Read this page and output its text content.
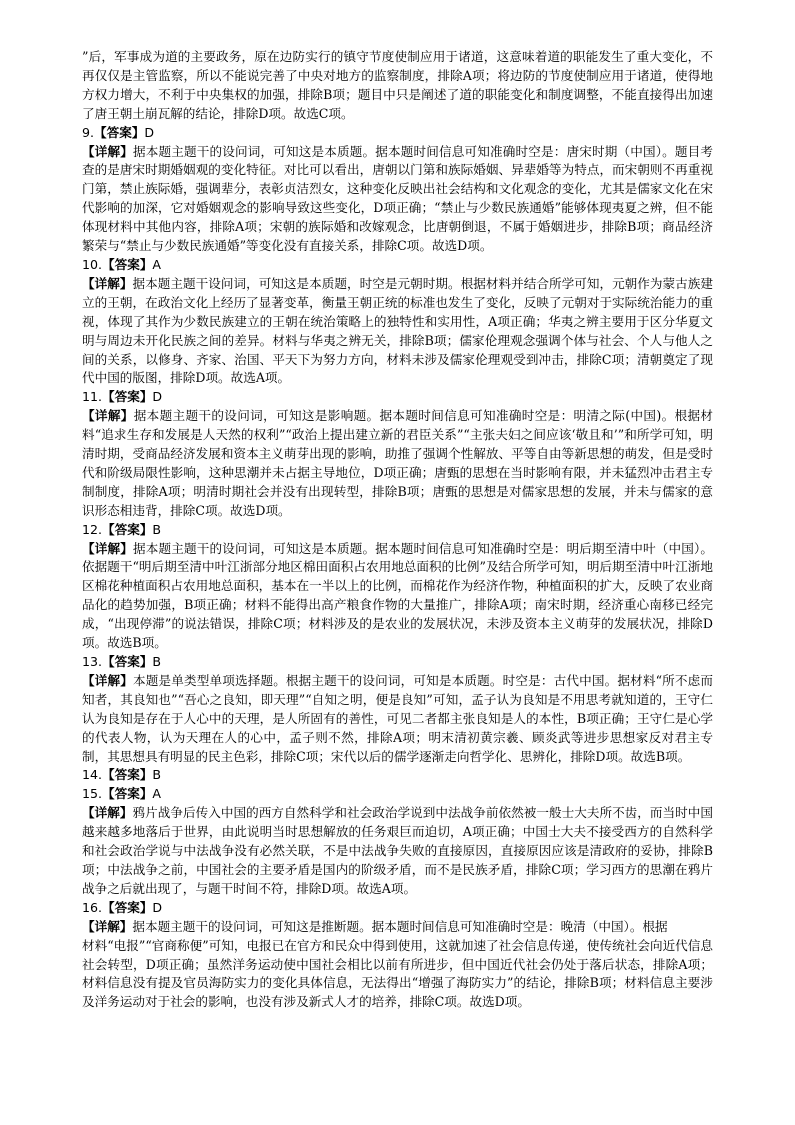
”后，军事成为道的主要政务，原在边防实行的镇守节度使制应用于诸道，这意味着道的职能发生了重大变化，不再仅仅是主管监察，所以不能说完善了中央对地方的监察制度，排除A项；将边防的节度使制应用于诸道，使得地方权力增大，不利于中央集权的加强，排除B项；题目中只是阐述了道的职能变化和制度调整，不能直接得出加速了唐王朝土崩瓦解的结论，排除D项。故选C项。

9.【答案】D

【详解】据本题主题干的设问词，可知这是本质题。据本题时间信息可知准确时空是：唐宋时期（中国）。题目考查的是唐宋时期婚姻观的变化特征。对比可以看出，唐朝以门第和族际婚姻、异辈婚等为特点，而宋朝则不再重视门第，禁止族际婚，强调辈分，表彰贞洁烈女，这种变化反映出社会结构和文化观念的变化，尤其是儒家文化在宋代影响的加深，它对婚姻观念的影响导致这些变化，D项正确；“禁止与少数民族通婚”能够体现夷夏之辨，但不能体现材料中其他内容，排除A项；宋朝的族际婚和改嫁观念，比唐朝倒退，不属于婚姻进步，排除B项；商品经济繁荣与“禁止与少数民族通婚”等变化没有直接关系，排除C项。故选D项。

10.【答案】A

【详解】据本题主题干设问词，可知这是本质题，时空是元朝时期。根据材料并结合所学可知，元朝作为蒙古族建立的王朝，在政治文化上经历了显著变革，衡量王朝正统的标准也发生了变化，反映了元朝对于实际统治能力的重视，体现了其作为少数民族建立的王朝在统治策略上的独特性和实用性，A项正确；华夷之辨主要用于区分华夏文明与周边未开化民族之间的差异。材料与华夷之辨无关，排除B项；儒家伦理观念强调个体与社会、个人与他人之间的关系，以修身、齐家、治国、平天下为努力方向，材料未涉及儒家伦理观受到冲击，排除C项；清朝奠定了现代中国的版图，排除D项。故选A项。

11.【答案】D

【详解】据本题主题干的设问词，可知这是影响题。据本题时间信息可知准确时空是：明清之际(中国)。根据材料“追求生存和发展是人天然的权利”“政治上提出建立新的君臣关系”“主张夫妇之间应该‘敬且和’”和所学可知，明清时期，受商品经济发展和资本主义萌芽出现的影响，助推了强调个性解放、平等自由等新思想的萌发，但是受时代和阶级局限性影响，这种思潮并未占据主导地位，D项正确；唐甄的思想在当时影响有限，并未猛烈冲击君主专制制度，排除A项；明清时期社会并没有出现转型，排除B项；唐甄的思想是对儒家思想的发展，并未与儒家的意识形态相违背，排除C项。故选D项。

12.【答案】B

【详解】据本题主题干的设问词，可知这是本质题。据本题时间信息可知准确时空是：明后期至清中叶（中国）。依据题干“明后期至清中叶江浙部分地区棉田面积占农用地总面积的比例”及结合所学可知，明后期至清中叶江浙地区棉花种植面积占农用地总面积，基本在一半以上的比例，而棉花作为经济作物，种植面积的扩大，反映了农业商品化的趋势加强，B项正确；材料不能得出高产粮食作物的大量推广，排除A项；南宋时期，经济重心南移已经完成，“出现停滞”的说法错误，排除C项；材料涉及的是农业的发展状况，未涉及资本主义萌芽的发展状况，排除D项。故选B项。

13.【答案】B

【详解】本题是单类型单项选择题。根据主题干的设问词，可知是本质题。时空是：古代中国。据材料“所不虑而知者，其良知也”“吾心之良知，即天理”“自知之明，便是良知”可知，孟子认为良知是不用思考就知道的，王守仁认为良知是存在于人心中的天理，是人所固有的善性，可见二者都主张良知是人的本性，B项正确；王守仁是心学的代表人物，认为天理在人的心中，孟子则不然，排除A项；明末清初黄宗羲、顾炎武等进步思想家反对君主专制，其思想具有明显的民主色彩，排除C项；宋代以后的儒学逐渐走向哲学化、思辨化，排除D项。故选B项。

14.【答案】B

15.【答案】A

【详解】鸦片战争后传入中国的西方自然科学和社会政治学说到中法战争前依然被一般士大夫所不齿，而当时中国越来越多地落后于世界，由此说明当时思想解放的任务艰巨而迫切，A项正确；中国士大夫不接受西方的自然科学和社会政治学说与中法战争没有必然关联，不是中法战争失败的直接原因，直接原因应该是清政府的妥协，排除B项；中法战争之前，中国社会的主要矛盾是国内的阶级矛盾，而不是民族矛盾，排除C项；学习西方的思潮在鸦片战争之后就出现了，与题干时间不符，排除D项。故选A项。

16.【答案】D

【详解】据本题主题干的设问词，可知这是推断题。据本题时间信息可知准确时空是：晚清（中国）。根据

材料“电报”“官商称便”可知，电报已在官方和民众中得到使用，这就加速了社会信息传递，使传统社会向近代信息社会转型，D项正确；虽然洋务运动使中国社会相比以前有所进步，但中国近代社会仍处于落后状态，排除A项；材料信息没有提及官员海防实力的变化具体信息，无法得出“增强了海防实力”的结论，排除B项；材料信息主要涉及洋务运动对于社会的影响，也没有涉及新式人才的培养，排除C项。故选D项。
